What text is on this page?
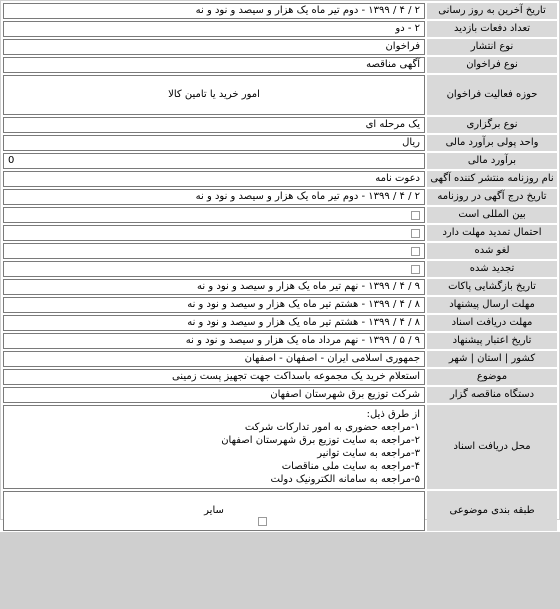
تاریخ آخرین به روز رسانی
۲ / ۴ / ۱۳۹۹ - دوم تیر ماه یک هزار و سیصد و نود و نه
تعداد دفعات بازدید
۲ - دو
نوع انتشار
فراخوان
نوع فراخوان
آگهی مناقصه
حوزه فعالیت فراخوان
امور خرید یا تامین کالا
نوع برگزاری
یک مرحله ای
واحد پولی برآورد مالی
ریال
برآورد مالی
0
نام روزنامه منتشر کننده آگهی
دعوت نامه
تاریخ درج آگهی در روزنامه
۲ / ۴ / ۱۳۹۹ - دوم تیر ماه یک هزار و سیصد و نود و نه
بین المللی است
احتمال تمدید مهلت دارد
لغو شده
تجدید شده
تاریخ بازگشایی پاکات
۹ / ۴ / ۱۳۹۹ - نهم تیر ماه یک هزار و سیصد و نود و نه
مهلت ارسال پیشنهاد
۸ / ۴ / ۱۳۹۹ - هشتم تیر ماه یک هزار و سیصد و نود و نه
مهلت دریافت اسناد
۸ / ۴ / ۱۳۹۹ - هشتم تیر ماه یک هزار و سیصد و نود و نه
تاریخ اعتبار پیشنهاد
۹ / ۵ / ۱۳۹۹ - نهم مرداد ماه یک هزار و سیصد و نود و نه
کشور | استان | شهر
جمهوری اسلامی ایران - اصفهان - اصفهان
موضوع
استعلام خرید یک مجموعه باسداکت جهت تجهیز پست زمینی
دستگاه مناقصه گزار
شرکت توزیع برق شهرستان اصفهان
محل دریافت اسناد
از طرق ذیل:
۱-مراجعه حضوری به امور تدارکات شرکت
۲-مراجعه به سایت توزیع برق شهرستان اصفهان
۳-مراجعه به سایت توانیر
۴-مراجعه به سایت ملی مناقصات
۵-مراجعه به سامانه الکترونیک دولت
طبقه بندی موضوعی
سایر
